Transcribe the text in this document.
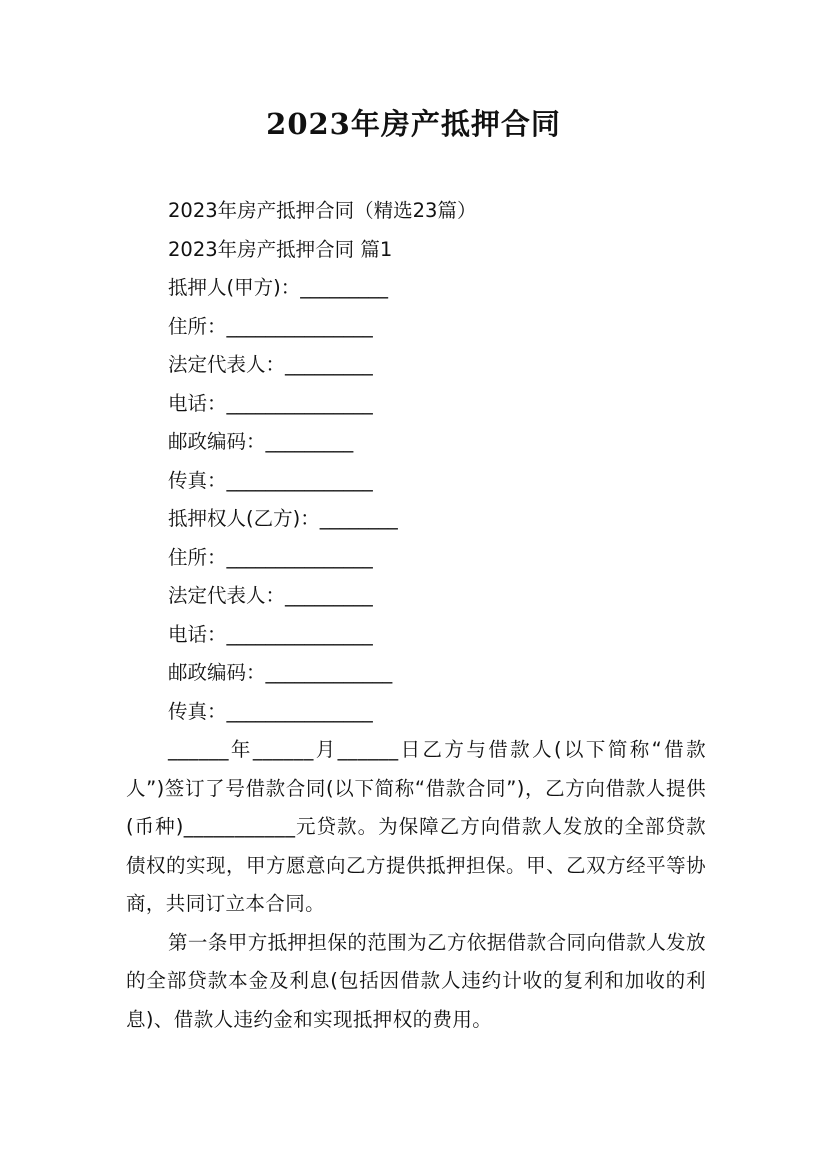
2023年房产抵押合同

2023年房产抵押合同（精选23篇）

2023年房产抵押合同 篇1

抵押人(甲方)：_________

住所：_______________

法定代表人：_________

电话：_______________

邮政编码：_________

传真：_______________

抵押权人(乙方)：________

住所：_______________

法定代表人：_________

电话：_______________

邮政编码：_____________

传真：_______________

______年______月______日乙方与借款人(以下简称“借款人”)签订了号借款合同(以下简称“借款合同”)，乙方向借款人提供(币种)___________元贷款。为保障乙方向借款人发放的全部贷款债权的实现，甲方愿意向乙方提供抵押担保。甲、乙双方经平等协商，共同订立本合同。

第一条甲方抵押担保的范围为乙方依据借款合同向借款人发放的全部贷款本金及利息(包括因借款人违约计收的复利和加收的利息)、借款人违约金和实现抵押权的费用。
